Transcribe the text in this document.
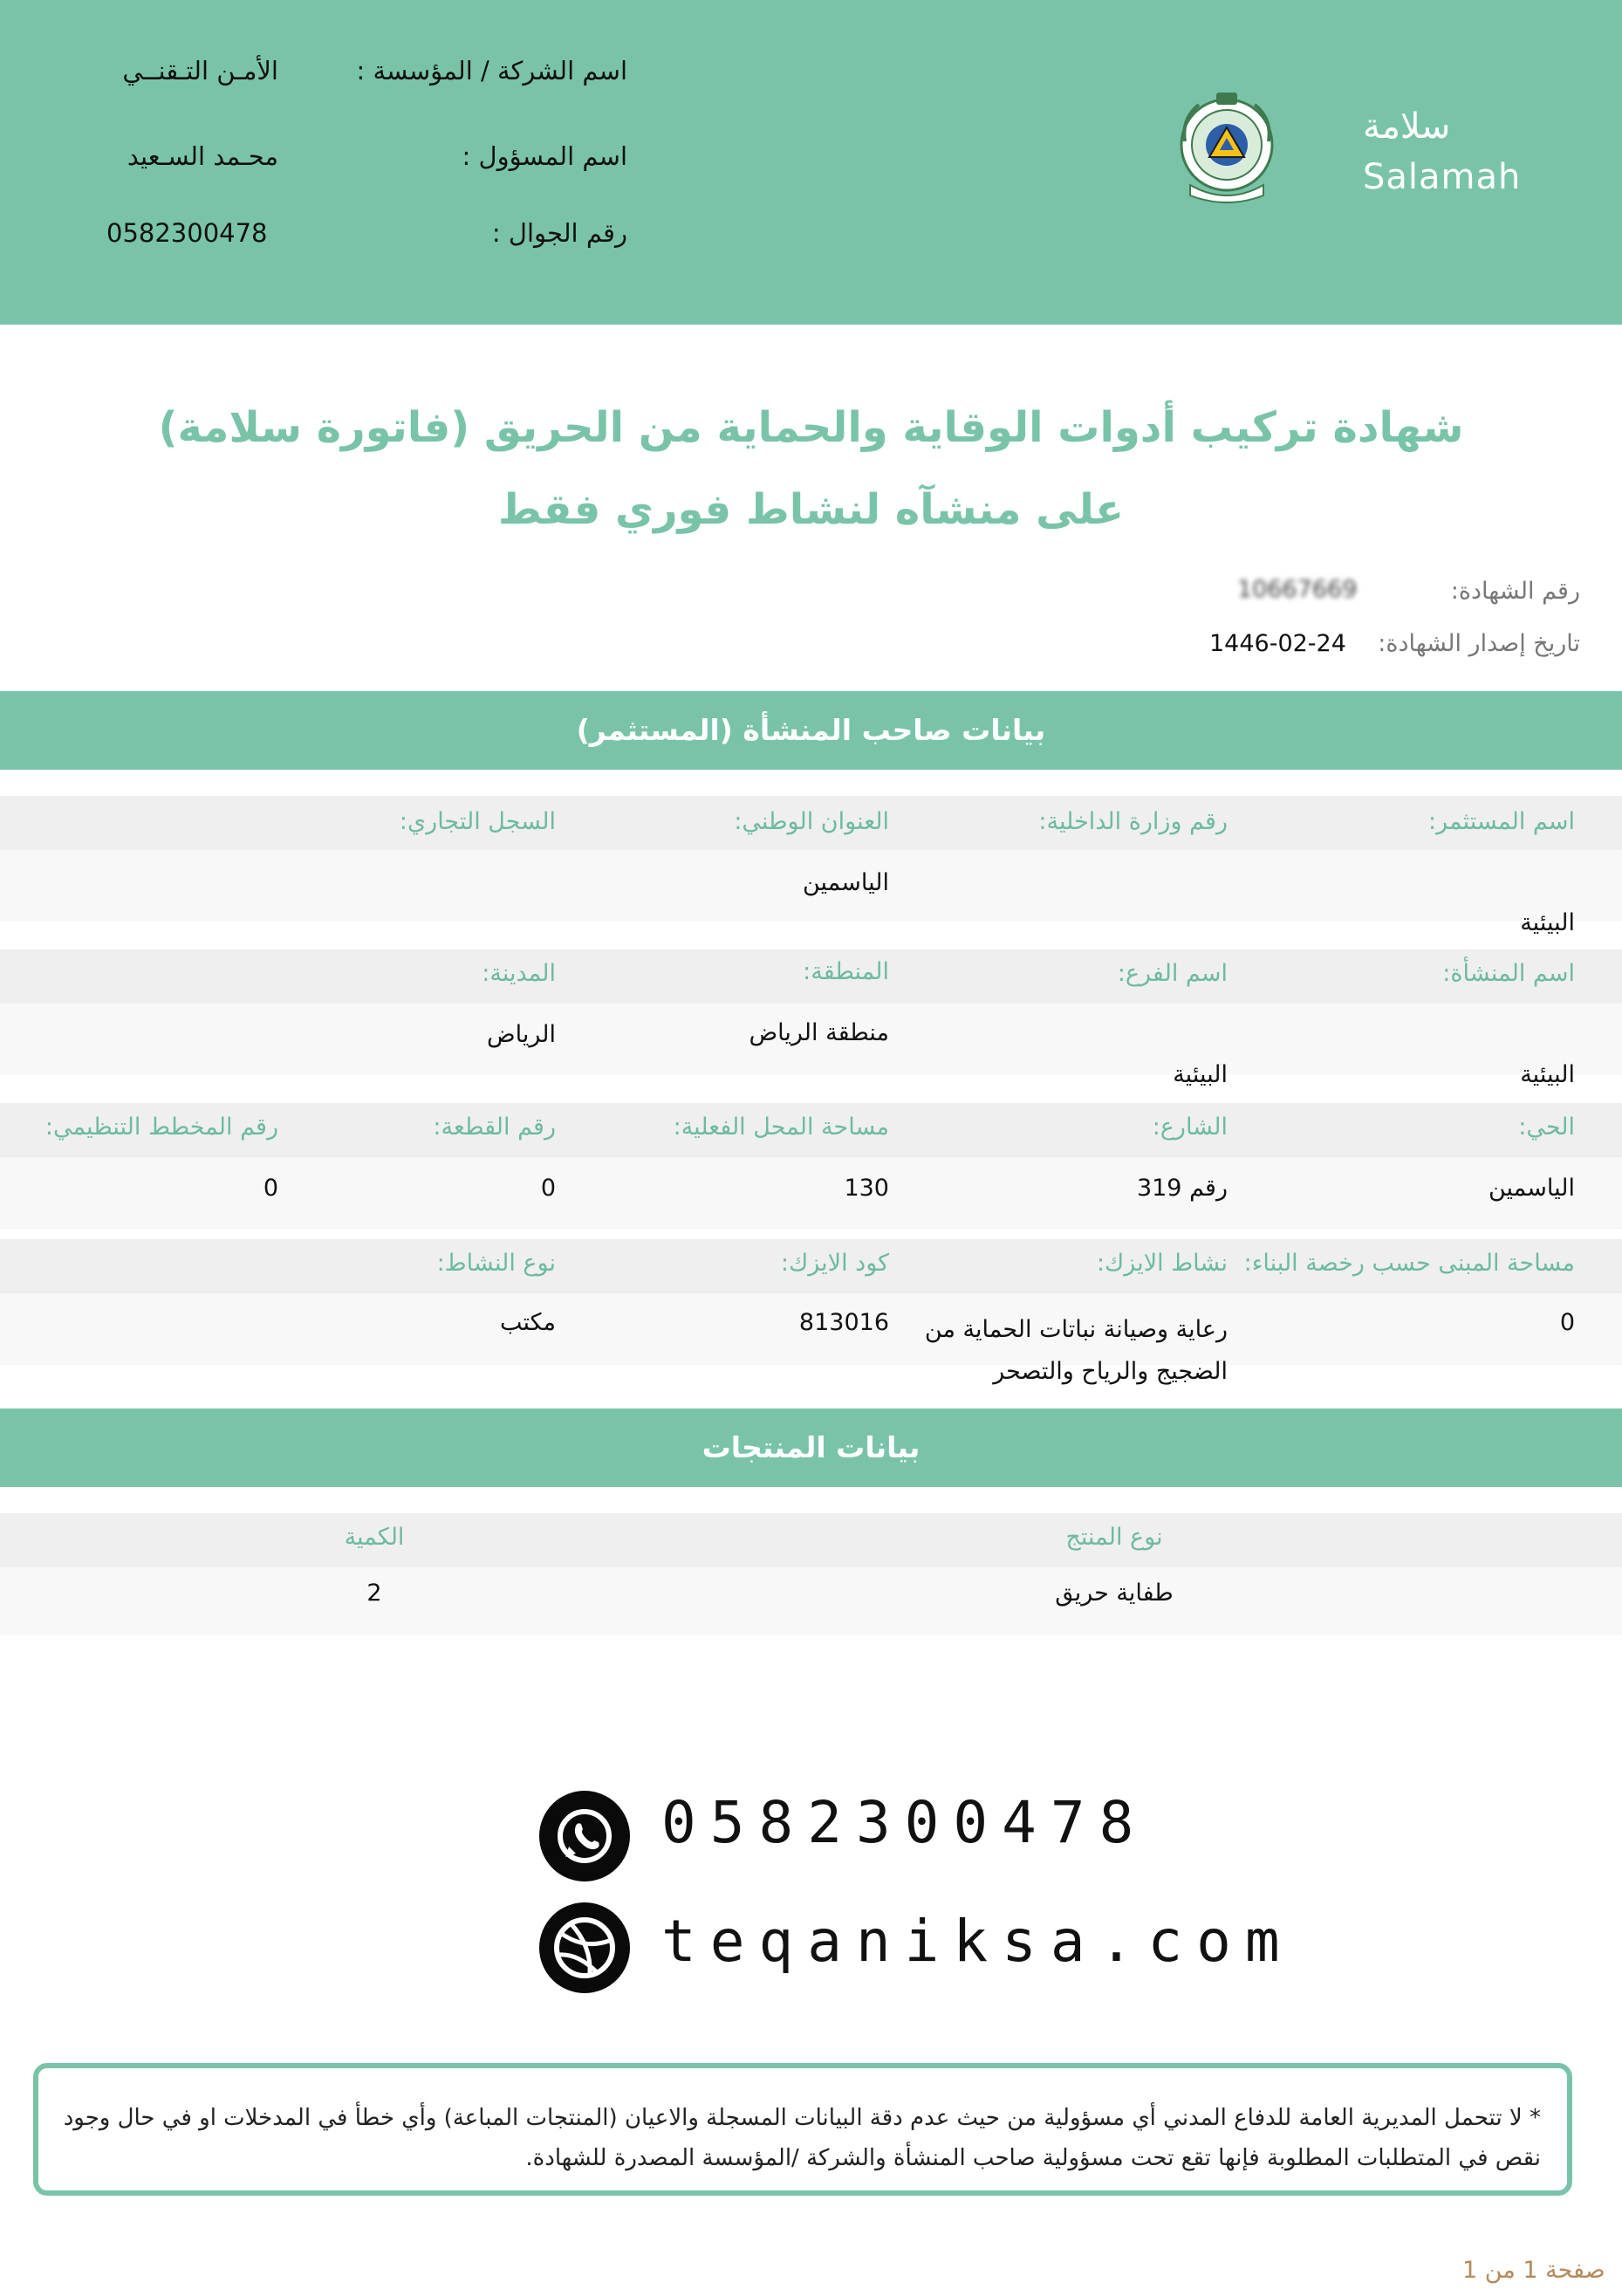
اسم الشركة / المؤسسة :
الأمـن التـقنــي
اسم المسؤول :
محـمد السـعيد
رقم الجوال :
0582300478
سلامة
Salamah
شهادة تركيب أدوات الوقاية والحماية من الحريق (فاتورة سلامة)
على منشآه لنشاط فوري فقط
رقم الشهادة:
10667669
تاريخ إصدار الشهادة:
1446-02-24
بيانات صاحب المنشأة (المستثمر)
اسم المستثمر:
رقم وزارة الداخلية:
العنوان الوطني:
السجل التجاري:
البيئية
الياسمين
اسم المنشأة:
اسم الفرع:
المنطقة:
المدينة:
البيئية
البيئية
منطقة الرياض
الرياض
الحي:
الشارع:
مساحة المحل الفعلية:
رقم القطعة:
رقم المخطط التنظيمي:
الياسمين
رقم 319
130
0
0
مساحة المبنى حسب رخصة البناء:
نشاط الايزك:
كود الايزك:
نوع النشاط:
0
رعاية وصيانة نباتات الحماية من الضجيج والرياح والتصحر
813016
مكتب
بيانات المنتجات
نوع المنتج
الكمية
طفاية حريق
2
0582300478
teqaniksa.com
* لا تتحمل المديرية العامة للدفاع المدني أي مسؤولية من حيث عدم دقة البيانات المسجلة والاعيان (المنتجات المباعة) وأي خطأ في المدخلات او في حال وجود نقص في المتطلبات المطلوبة فإنها تقع تحت مسؤولية صاحب المنشأة والشركة /المؤسسة المصدرة للشهادة.
صفحة 1 من 1
